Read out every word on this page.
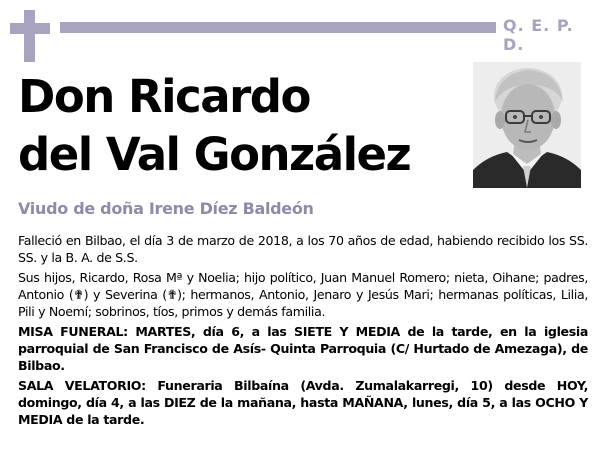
Q. E. P. D.
Don Ricardo
del Val González
Viudo de doña Irene Díez Baldeón

Falleció en Bilbao, el día 3 de marzo de 2018, a los 70 años de edad, habiendo recibido los SS. SS. y la B. A. de S.S.

Sus hijos, Ricardo, Rosa Mª y Noelia; hijo político, Juan Manuel Romero; nieta, Oihane; padres, Antonio (✟) y Severina (✟); hermanos, Antonio, Jenaro y Jesús Mari; hermanas políticas, Lilia, Pili y Noemí; sobrinos, tíos, primos y demás familia.

MISA FUNERAL: MARTES, día 6, a las SIETE Y MEDIA de la tarde, en la iglesia parroquial de San Francisco de Asís- Quinta Parroquia (C/ Hurtado de Amezaga), de Bilbao.

SALA VELATORIO: Funeraria Bilbaína (Avda. Zumalakarregi, 10) desde HOY, domingo, día 4, a las DIEZ de la mañana, hasta MAÑANA, lunes, día 5, a las OCHO Y MEDIA de la tarde.
